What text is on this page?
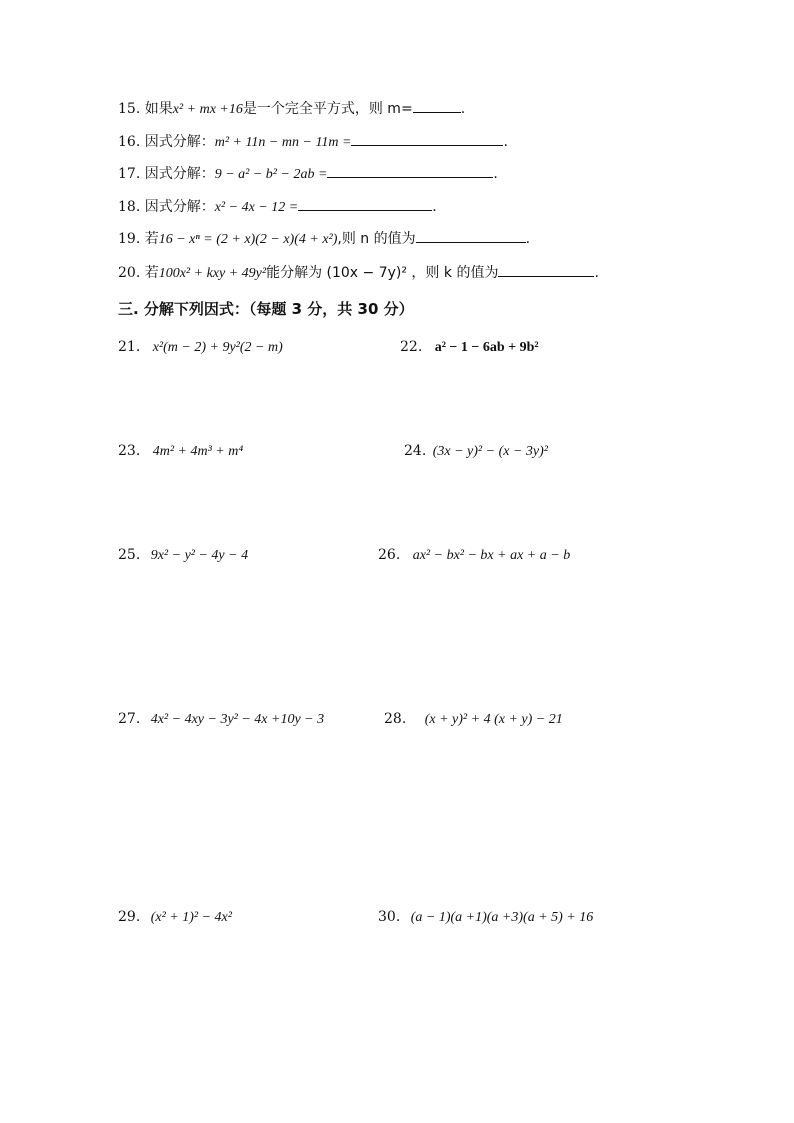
15. 如果x² + mx +16是一个完全平方式，则 m=	.
16. 因式分解：m² + 11n − mn − 11m =	.
17. 因式分解：9 − a² − b² − 2ab =	.
18. 因式分解：x² − 4x − 12 =	.
19. 若16 − xⁿ = (2 + x)(2 − x)(4 + x²),则 n 的值为	.
20. 若100x² + kxy + 49y²能分解为 (10x − 7y)² ，则 k 的值为	.
三. 分解下列因式：（每题 3 分，共 30 分）
21. x²(m − 2) + 9y²(2 − m)	22. a² − 1 − 6ab + 9b²
23. 4m² + 4m³ + m⁴	24. (3x − y)² − (x − 3y)²
25. 9x² − y² − 4y − 4	26. ax² − bx² − bx + ax + a − b
27. 4x² − 4xy − 3y² − 4x +10y − 3	28. (x + y)² + 4 (x + y) − 21
29. (x² + 1)² − 4x²	30. (a − 1)(a +1)(a +3)(a + 5) + 16
